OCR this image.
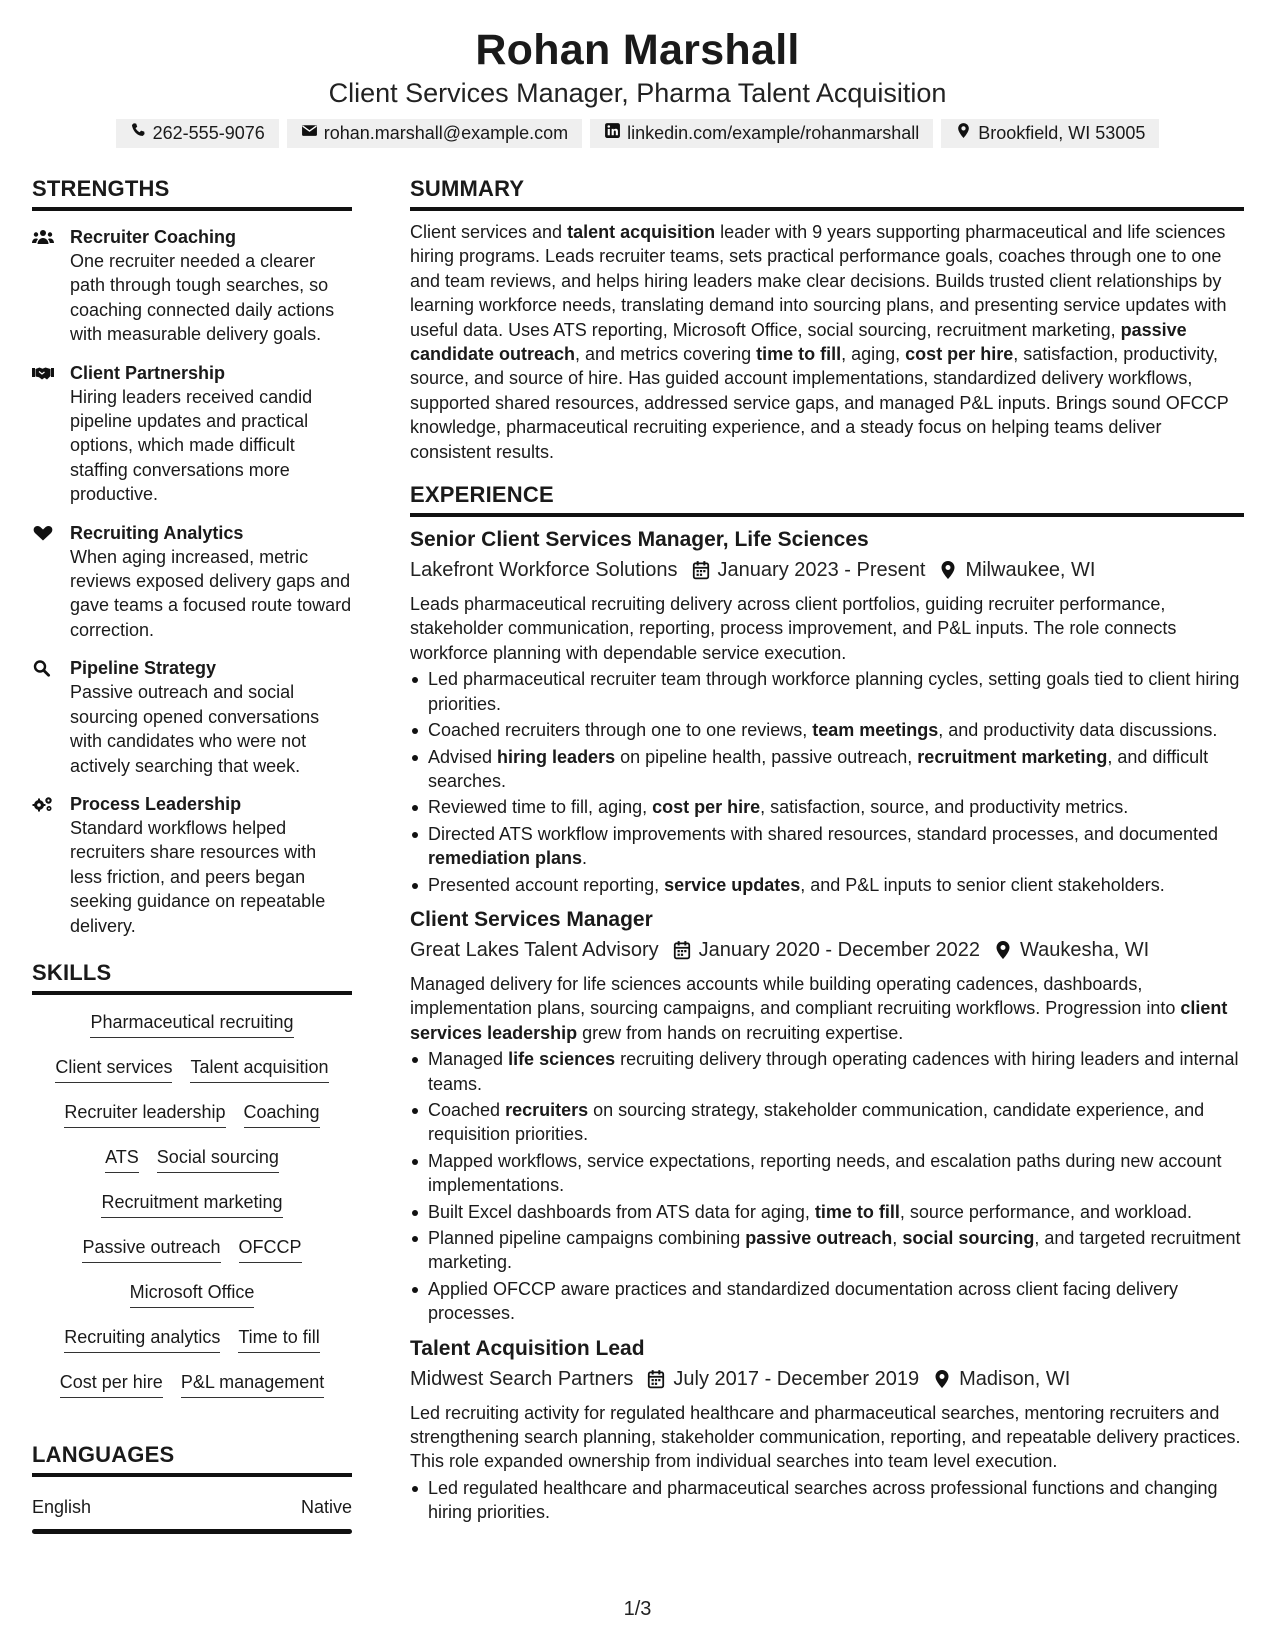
Rohan Marshall
Client Services Manager, Pharma Talent Acquisition
262-555-9076	rohan.marshall@example.com	linkedin.com/example/rohanmarshall	Brookfield, WI 53005
STRENGTHS
Recruiter Coaching
One recruiter needed a clearer path through tough searches, so coaching connected daily actions with measurable delivery goals.
Client Partnership
Hiring leaders received candid pipeline updates and practical options, which made difficult staffing conversations more productive.
Recruiting Analytics
When aging increased, metric reviews exposed delivery gaps and gave teams a focused route toward correction.
Pipeline Strategy
Passive outreach and social sourcing opened conversations with candidates who were not actively searching that week.
Process Leadership
Standard workflows helped recruiters share resources with less friction, and peers began seeking guidance on repeatable delivery.
SKILLS
Pharmaceutical recruiting
Client services Talent acquisition
Recruiter leadership Coaching
ATS Social sourcing
Recruitment marketing
Passive outreach OFCCP
Microsoft Office
Recruiting analytics Time to fill
Cost per hire P&L management
LANGUAGES
English	Native
SUMMARY
Client services and talent acquisition leader with 9 years supporting pharmaceutical and life sciences hiring programs. Leads recruiter teams, sets practical performance goals, coaches through one to one and team reviews, and helps hiring leaders make clear decisions. Builds trusted client relationships by learning workforce needs, translating demand into sourcing plans, and presenting service updates with useful data. Uses ATS reporting, Microsoft Office, social sourcing, recruitment marketing, passive candidate outreach, and metrics covering time to fill, aging, cost per hire, satisfaction, productivity, source, and source of hire. Has guided account implementations, standardized delivery workflows, supported shared resources, addressed service gaps, and managed P&L inputs. Brings sound OFCCP knowledge, pharmaceutical recruiting experience, and a steady focus on helping teams deliver consistent results.
EXPERIENCE
Senior Client Services Manager, Life Sciences
Lakefront Workforce Solutions January 2023 - Present Milwaukee, WI
Leads pharmaceutical recruiting delivery across client portfolios, guiding recruiter performance, stakeholder communication, reporting, process improvement, and P&L inputs. The role connects workforce planning with dependable service execution.
Led pharmaceutical recruiter team through workforce planning cycles, setting goals tied to client hiring priorities.
Coached recruiters through one to one reviews, team meetings, and productivity data discussions.
Advised hiring leaders on pipeline health, passive outreach, recruitment marketing, and difficult searches.
Reviewed time to fill, aging, cost per hire, satisfaction, source, and productivity metrics.
Directed ATS workflow improvements with shared resources, standard processes, and documented remediation plans.
Presented account reporting, service updates, and P&L inputs to senior client stakeholders.
Client Services Manager
Great Lakes Talent Advisory January 2020 - December 2022 Waukesha, WI
Managed delivery for life sciences accounts while building operating cadences, dashboards, implementation plans, sourcing campaigns, and compliant recruiting workflows. Progression into client services leadership grew from hands on recruiting expertise.
Managed life sciences recruiting delivery through operating cadences with hiring leaders and internal teams.
Coached recruiters on sourcing strategy, stakeholder communication, candidate experience, and requisition priorities.
Mapped workflows, service expectations, reporting needs, and escalation paths during new account implementations.
Built Excel dashboards from ATS data for aging, time to fill, source performance, and workload.
Planned pipeline campaigns combining passive outreach, social sourcing, and targeted recruitment marketing.
Applied OFCCP aware practices and standardized documentation across client facing delivery processes.
Talent Acquisition Lead
Midwest Search Partners July 2017 - December 2019 Madison, WI
Led recruiting activity for regulated healthcare and pharmaceutical searches, mentoring recruiters and strengthening search planning, stakeholder communication, reporting, and repeatable delivery practices. This role expanded ownership from individual searches into team level execution.
Led regulated healthcare and pharmaceutical searches across professional functions and changing hiring priorities.
1/3
